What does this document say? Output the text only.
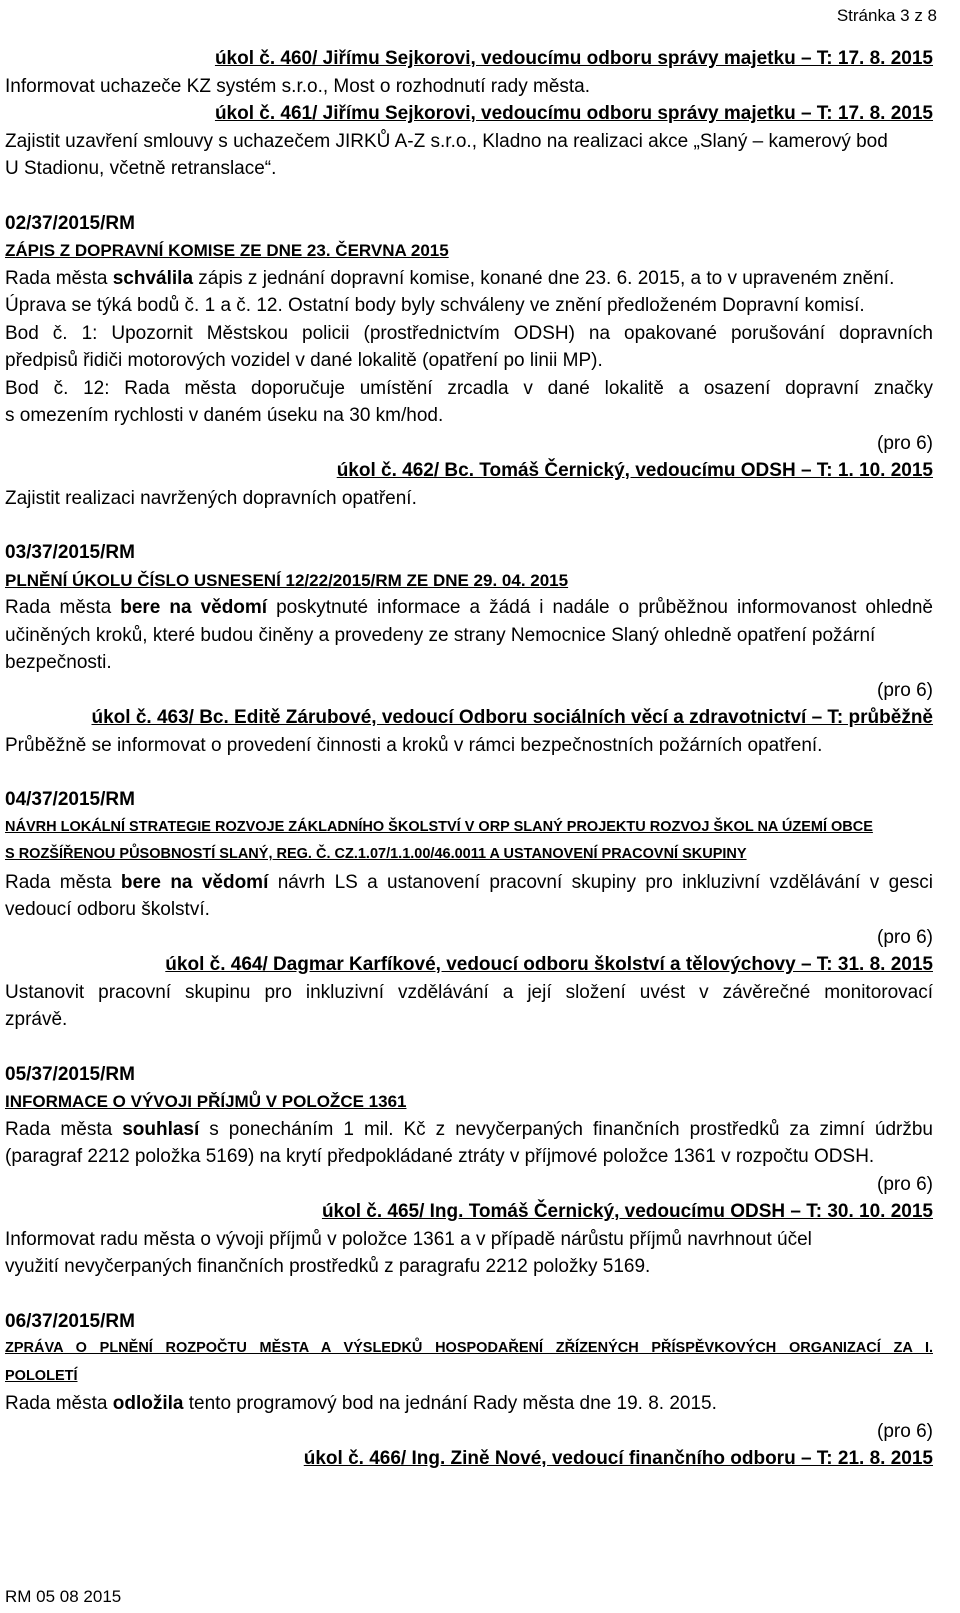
Stránka 3 z 8
úkol č. 460/ Jiřímu Sejkorovi, vedoucímu odboru správy majetku – T: 17. 8. 2015
Informovat uchazeče KZ systém s.r.o., Most o rozhodnutí rady města.
úkol č. 461/ Jiřímu Sejkorovi, vedoucímu odboru správy majetku – T: 17. 8. 2015
Zajistit uzavření smlouvy s uchazečem JIRKŮ A-Z s.r.o., Kladno na realizaci akce „Slaný – kamerový bod
U Stadionu, včetně retranslace“.
02/37/2015/RM
ZÁPIS Z DOPRAVNÍ KOMISE ZE DNE 23. ČERVNA 2015
Rada města schválila zápis z jednání dopravní komise, konané dne 23. 6. 2015, a to v upraveném znění.
Úprava se týká bodů č. 1 a č. 12. Ostatní body byly schváleny ve znění předloženém Dopravní komisí.
Bod č. 1: Upozornit Městskou policii (prostřednictvím ODSH) na opakované porušování dopravních
předpisů řidiči motorových vozidel v dané lokalitě (opatření po linii MP).
Bod č. 12: Rada města doporučuje umístění zrcadla v dané lokalitě a osazení dopravní značky
s omezením rychlosti v daném úseku na 30 km/hod.
(pro 6)
úkol č. 462/ Bc. Tomáš Černický, vedoucímu ODSH – T: 1. 10. 2015
Zajistit realizaci navržených dopravních opatření.
03/37/2015/RM
PLNĚNÍ ÚKOLU ČÍSLO USNESENÍ 12/22/2015/RM ZE DNE 29. 04. 2015
Rada města bere na vědomí poskytnuté informace a žádá i nadále o průběžnou informovanost ohledně
učiněných kroků, které budou činěny a provedeny ze strany Nemocnice Slaný ohledně opatření požární
bezpečnosti.
(pro 6)
úkol č. 463/ Bc. Editě Zárubové, vedoucí Odboru sociálních věcí a zdravotnictví – T: průběžně
Průběžně se informovat o provedení činnosti a kroků v rámci bezpečnostních požárních opatření.
04/37/2015/RM
NÁVRH LOKÁLNÍ STRATEGIE ROZVOJE ZÁKLADNÍHO ŠKOLSTVÍ V ORP SLANÝ PROJEKTU ROZVOJ ŠKOL NA ÚZEMÍ OBCE
S ROZŠÍŘENOU PŮSOBNOSTÍ SLANÝ, REG. Č. CZ.1.07/1.1.00/46.0011 A USTANOVENÍ PRACOVNÍ SKUPINY
Rada města bere na vědomí návrh LS a ustanovení pracovní skupiny pro inkluzivní vzdělávání v gesci
vedoucí odboru školství.
(pro 6)
úkol č. 464/ Dagmar Karfíkové, vedoucí odboru školství a tělovýchovy – T: 31. 8. 2015
Ustanovit pracovní skupinu pro inkluzivní vzdělávání a její složení uvést v závěrečné monitorovací
zprávě.
05/37/2015/RM
INFORMACE O VÝVOJI PŘÍJMŮ V POLOŽCE 1361
Rada města souhlasí s ponecháním 1 mil. Kč z nevyčerpaných finančních prostředků za zimní údržbu
(paragraf 2212 položka 5169) na krytí předpokládané ztráty v příjmové položce 1361 v rozpočtu ODSH.
(pro 6)
úkol č. 465/ Ing. Tomáš Černický, vedoucímu ODSH – T: 30. 10. 2015
Informovat radu města o vývoji příjmů v položce 1361 a v případě nárůstu příjmů navrhnout účel
využití nevyčerpaných finančních prostředků z paragrafu 2212 položky 5169.
06/37/2015/RM
ZPRÁVA O PLNĚNÍ ROZPOČTU MĚSTA A VÝSLEDKŮ HOSPODAŘENÍ ZŘÍZENÝCH PŘÍSPĚVKOVÝCH ORGANIZACÍ ZA I.
POLOLETÍ
Rada města odložila tento programový bod na jednání Rady města dne 19. 8. 2015.
(pro 6)
úkol č. 466/ Ing. Zině Nové, vedoucí finančního odboru – T: 21. 8. 2015
RM 05 08 2015
